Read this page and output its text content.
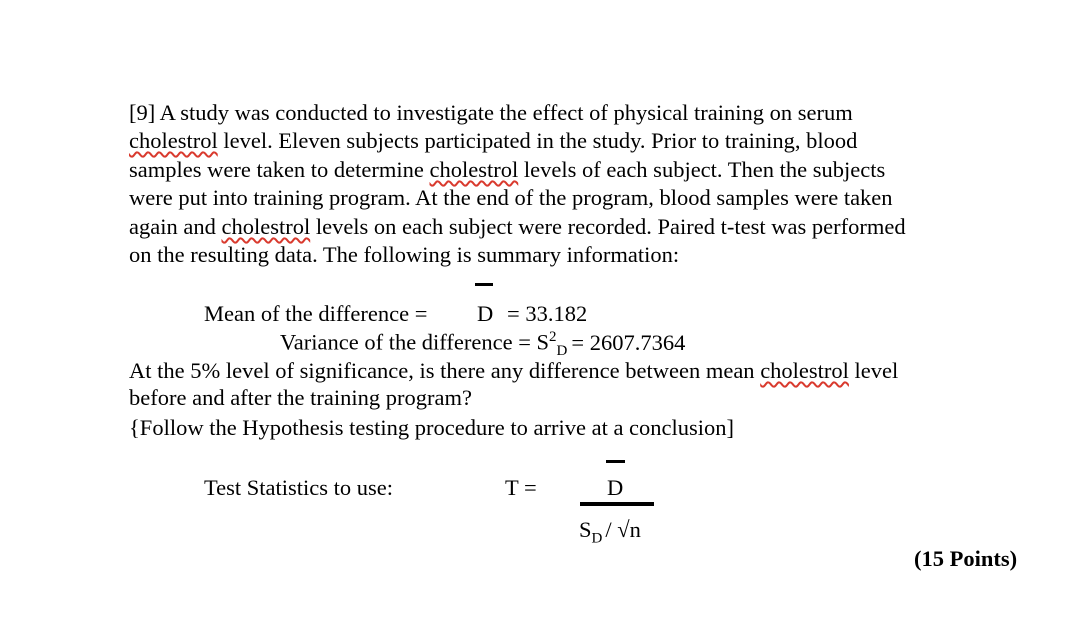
[9] A study was conducted to investigate the effect of physical training on serum
cholestrol level. Eleven subjects participated in the study. Prior to training, blood
samples were taken to determine cholestrol levels of each subject. Then the subjects
were put into training program. At the end of the program, blood samples were taken
again and cholestrol levels on each subject were recorded. Paired t-test was performed
on the resulting data. The following is summary information:
Mean of the difference = D = 33.182
Variance of the difference = $S^2_D = 2607.7364$
At the 5% level of significance, is there any difference between mean cholestrol level
before and after the training program?
{Follow the Hypothesis testing procedure to arrive at a conclusion]
Test Statistics to use:	T =	D
$S_D / √n$
(15 Points)
